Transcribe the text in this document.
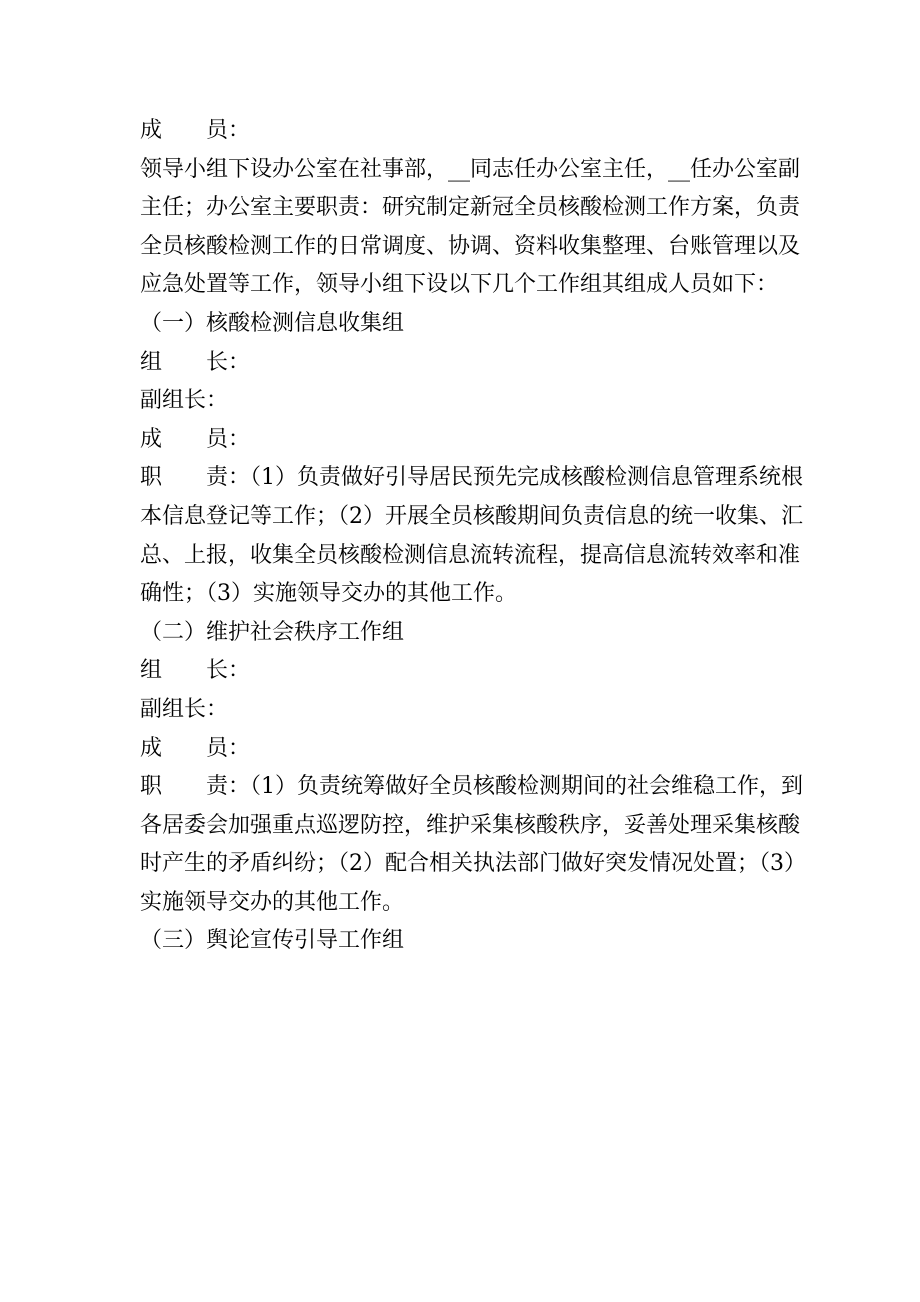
成　　员：
领导小组下设办公室在社事部，__同志任办公室主任，__任办公室副
主任；办公室主要职责：研究制定新冠全员核酸检测工作方案，负责
全员核酸检测工作的日常调度、协调、资料收集整理、台账管理以及
应急处置等工作，领导小组下设以下几个工作组其组成人员如下：
（一）核酸检测信息收集组
组　　长：
副组长：
成　　员：
职　　责：（1）负责做好引导居民预先完成核酸检测信息管理系统根
本信息登记等工作；（2）开展全员核酸期间负责信息的统一收集、汇
总、上报，收集全员核酸检测信息流转流程，提高信息流转效率和准
确性；（3）实施领导交办的其他工作。
（二）维护社会秩序工作组
组　　长：
副组长：
成　　员：
职　　责：（1）负责统筹做好全员核酸检测期间的社会维稳工作，到
各居委会加强重点巡逻防控，维护采集核酸秩序，妥善处理采集核酸
时产生的矛盾纠纷；（2）配合相关执法部门做好突发情况处置；（3）
实施领导交办的其他工作。
（三）舆论宣传引导工作组
